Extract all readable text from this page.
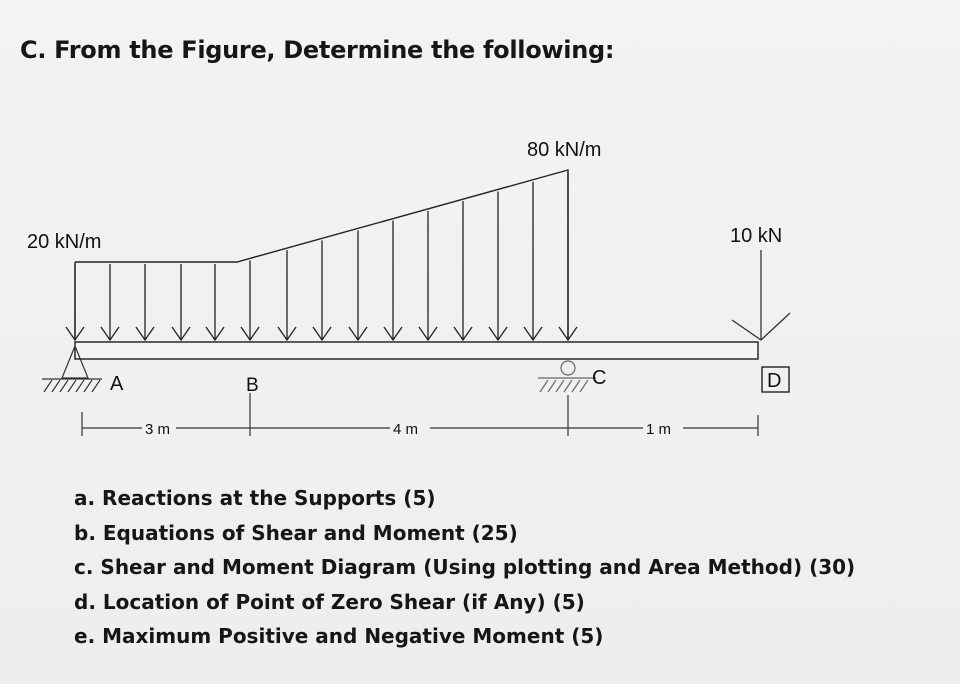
C. From the Figure, Determine the following:
80 kN/m
20 kN/m	10 kN
A	B	C	D
3 m	4 m	1 m
a. Reactions at the Supports (5)
b. Equations of Shear and Moment (25)
c. Shear and Moment Diagram (Using plotting and Area Method) (30)
d. Location of Point of Zero Shear (if Any) (5)
e. Maximum Positive and Negative Moment (5)
